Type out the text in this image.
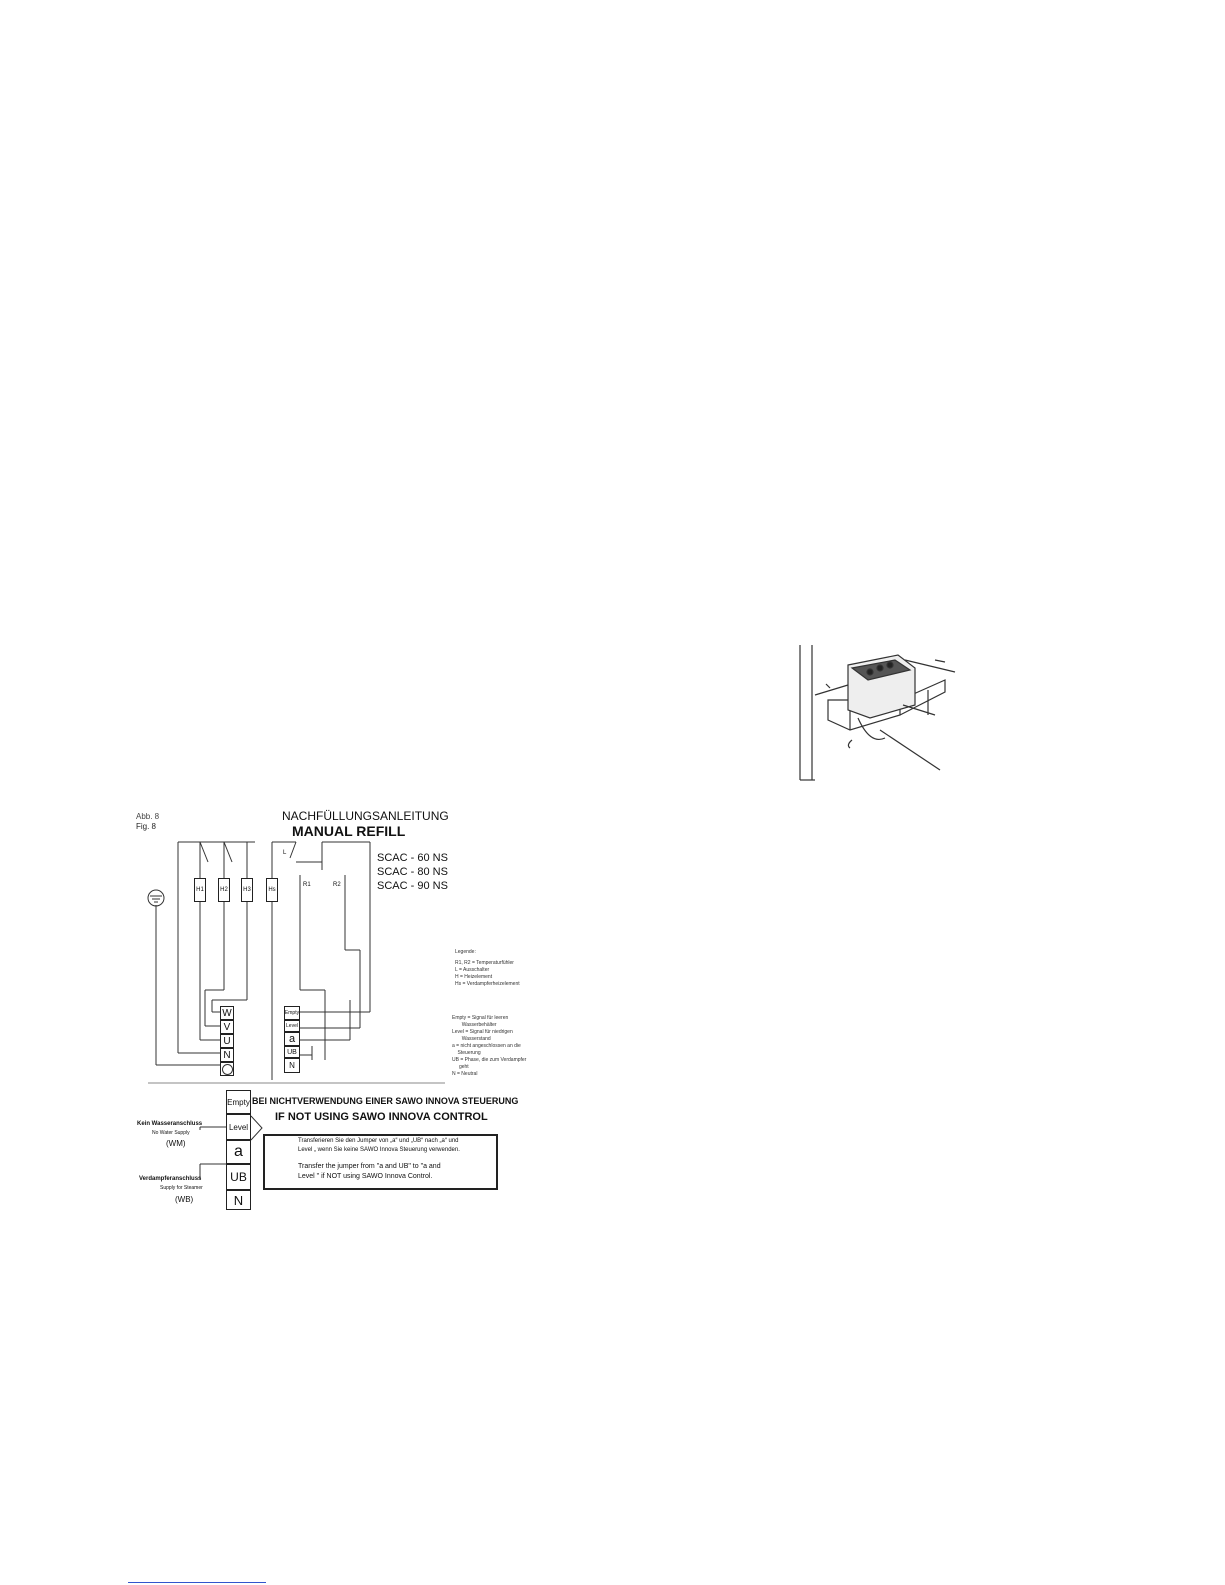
Abb. 8
Fig. 8
NACHFÜLLUNGSANLEITUNG
MANUAL REFILL
SCAC - 60 NS
SCAC - 80 NS
SCAC - 90 NS
H1	H2	H3	Hs
R1	R2
L
W
V
U
N
Empty
Level
a
UB
N
Legende:
R1, R2 = Temperaturfühler
L = Ausschalter
H = Heizelement
Hs = Verdampferheizelement
Empty = Signal für leeren
Wasserbehälter
Level = Signal für niedrigen
Wasserstand
a = nicht angeschlossen an die
Steuerung
UB = Phase, die zum Verdampfer
geht
N = Neutral
Empty
Level
a
UB
N
BEI NICHTVERWENDUNG EINER SAWO INNOVA STEUERUNG
IF NOT USING SAWO INNOVA CONTROL
Kein Wasseranschluss
No Water Supply
(WM)
Verdampferanschluss
Supply for Steamer
(WB)
Transferieren Sie den Jumper von „a“ und „UB“ nach „a“ und
Level „ wenn Sie keine SAWO Innova Steuerung verwenden.
Transfer the jumper from "a and UB" to "a and
Level " if NOT using SAWO Innova Control.
